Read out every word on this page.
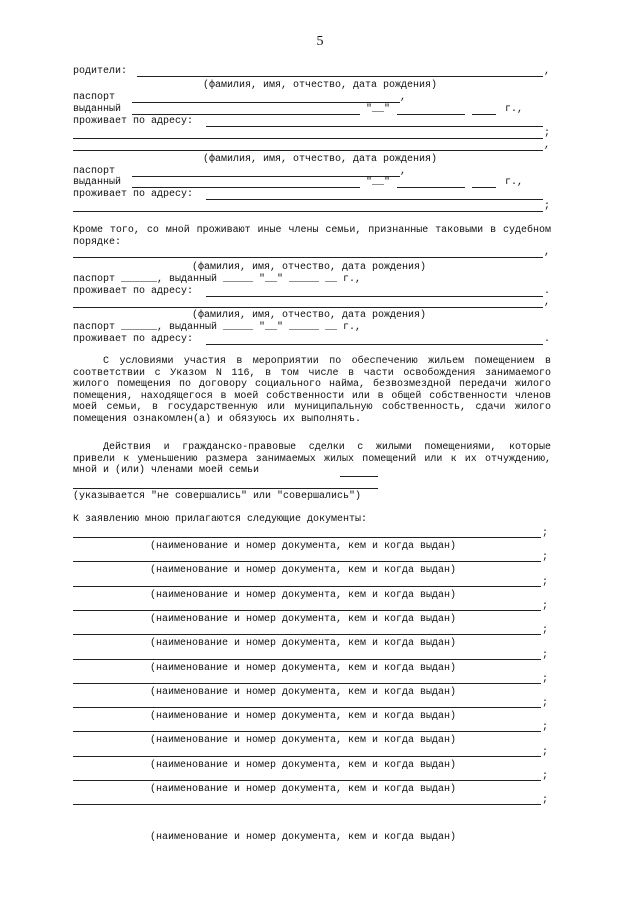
5
родители:	,
(фамилия, имя, отчество, дата рождения)
паспорт	,
выданный	"__"	г.,
проживает по адресу:
;
,
(фамилия, имя, отчество, дата рождения)
паспорт	,
выданный	"__"	г.,
проживает по адресу:
;
Кроме того, со мной проживают иные члены семьи, признанные таковыми в судебном порядке:
,
(фамилия, имя, отчество, дата рождения)
паспорт ______, выданный _____ "__" _____ __ г.,
проживает по адресу:	.
,
(фамилия, имя, отчество, дата рождения)
паспорт ______, выданный _____ "__" _____ __ г.,
проживает по адресу:	.
С условиями участия в мероприятии по обеспечению жильем помещением в соответствии с Указом N 116, в том числе в части освобождения занимаемого жилого помещения по договору социального найма, безвозмездной передачи жилого помещения, находящегося в моей собственности или в общей собственности членов моей семьи, в государственную или муниципальную собственность, сдачи жилого помещения ознакомлен(а) и обязуюсь их выполнять.
Действия и гражданско-правовые сделки с жилыми помещениями, которые привели к уменьшению размера занимаемых жилых помещений или к их отчуждению, мной и (или) членами моей семьи
(указывается "не совершались" или "совершались")
К заявлению мною прилагаются следующие документы:
;
(наименование и номер документа, кем и когда выдан)
;
(наименование и номер документа, кем и когда выдан)
;
(наименование и номер документа, кем и когда выдан)
;
(наименование и номер документа, кем и когда выдан)
;
(наименование и номер документа, кем и когда выдан)
;
(наименование и номер документа, кем и когда выдан)
;
(наименование и номер документа, кем и когда выдан)
;
(наименование и номер документа, кем и когда выдан)
;
(наименование и номер документа, кем и когда выдан)
;
(наименование и номер документа, кем и когда выдан)
;
(наименование и номер документа, кем и когда выдан)
;
(наименование и номер документа, кем и когда выдан)
